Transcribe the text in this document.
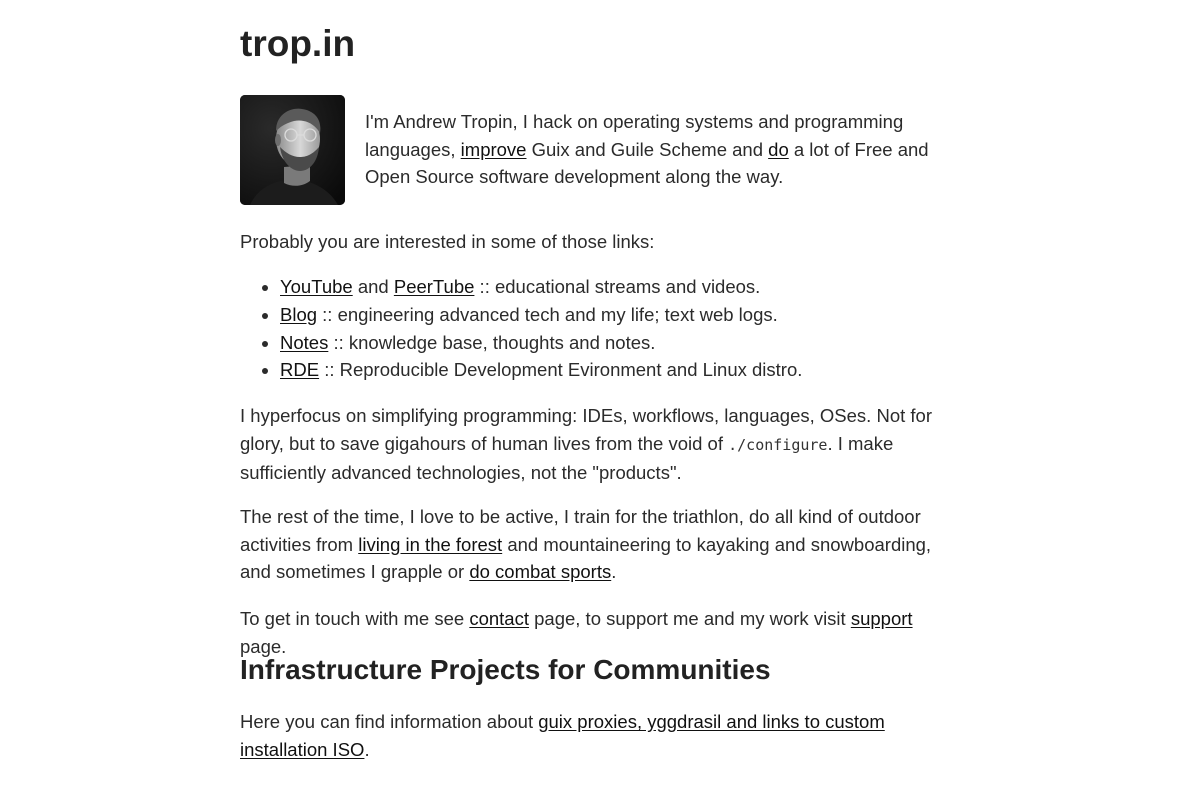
trop.in

I'm Andrew Tropin, I hack on operating systems and programming languages, improve Guix and Guile Scheme and do a lot of Free and Open Source software development along the way.

Probably you are interested in some of those links:

• YouTube and PeerTube :: educational streams and videos.
• Blog :: engineering advanced tech and my life; text web logs.
• Notes :: knowledge base, thoughts and notes.
• RDE :: Reproducible Development Evironment and Linux distro.

I hyperfocus on simplifying programming: IDEs, workflows, languages, OSes. Not for glory, but to save gigahours of human lives from the void of ./configure. I make sufficiently advanced technologies, not the "products".

The rest of the time, I love to be active, I train for the triathlon, do all kind of outdoor activities from living in the forest and mountaineering to kayaking and snowboarding, and sometimes I grapple or do combat sports.

To get in touch with me see contact page, to support me and my work visit support page.

Infrastructure Projects for Communities

Here you can find information about guix proxies, yggdrasil and links to custom installation ISO.
